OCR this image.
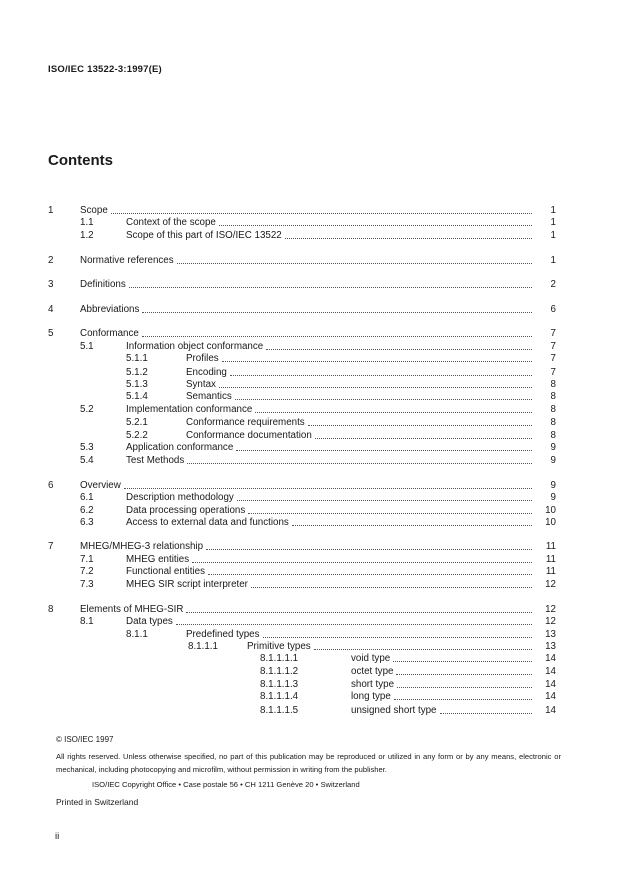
ISO/IEC 13522-3:1997(E)
Contents
1	Scope	1
1.1	Context of the scope	1
1.2	Scope of this part of ISO/IEC 13522	1
2	Normative references	1
3	Definitions	2
4	Abbreviations	6
5	Conformance	7
5.1	Information object conformance	7
5.1.1	Profiles	7
5.1.2	Encoding	7
5.1.3	Syntax	8
5.1.4	Semantics	8
5.2	Implementation conformance	8
5.2.1	Conformance requirements	8
5.2.2	Conformance documentation	8
5.3	Application conformance	9
5.4	Test Methods	9
6	Overview	9
6.1	Description methodology	9
6.2	Data processing operations	10
6.3	Access to external data and functions	10
7	MHEG/MHEG-3 relationship	11
7.1	MHEG entities	11
7.2	Functional entities	11
7.3	MHEG SIR script interpreter	12
8	Elements of MHEG-SIR	12
8.1	Data types	12
8.1.1	Predefined types	13
8.1.1.1	Primitive types	13
8.1.1.1.1	void type	14
8.1.1.1.2	octet type	14
8.1.1.1.3	short type	14
8.1.1.1.4	long type	14
8.1.1.1.5	unsigned short type	14
© ISO/IEC 1997
All rights reserved. Unless otherwise specified, no part of this publication may be reproduced or utilized in any form or by any means, electronic or mechanical, including photocopying and microfilm, without permission in writing from the publisher.
ISO/IEC Copyright Office • Case postale 56 • CH 1211 Genève 20 • Switzerland
Printed in Switzerland
ii
